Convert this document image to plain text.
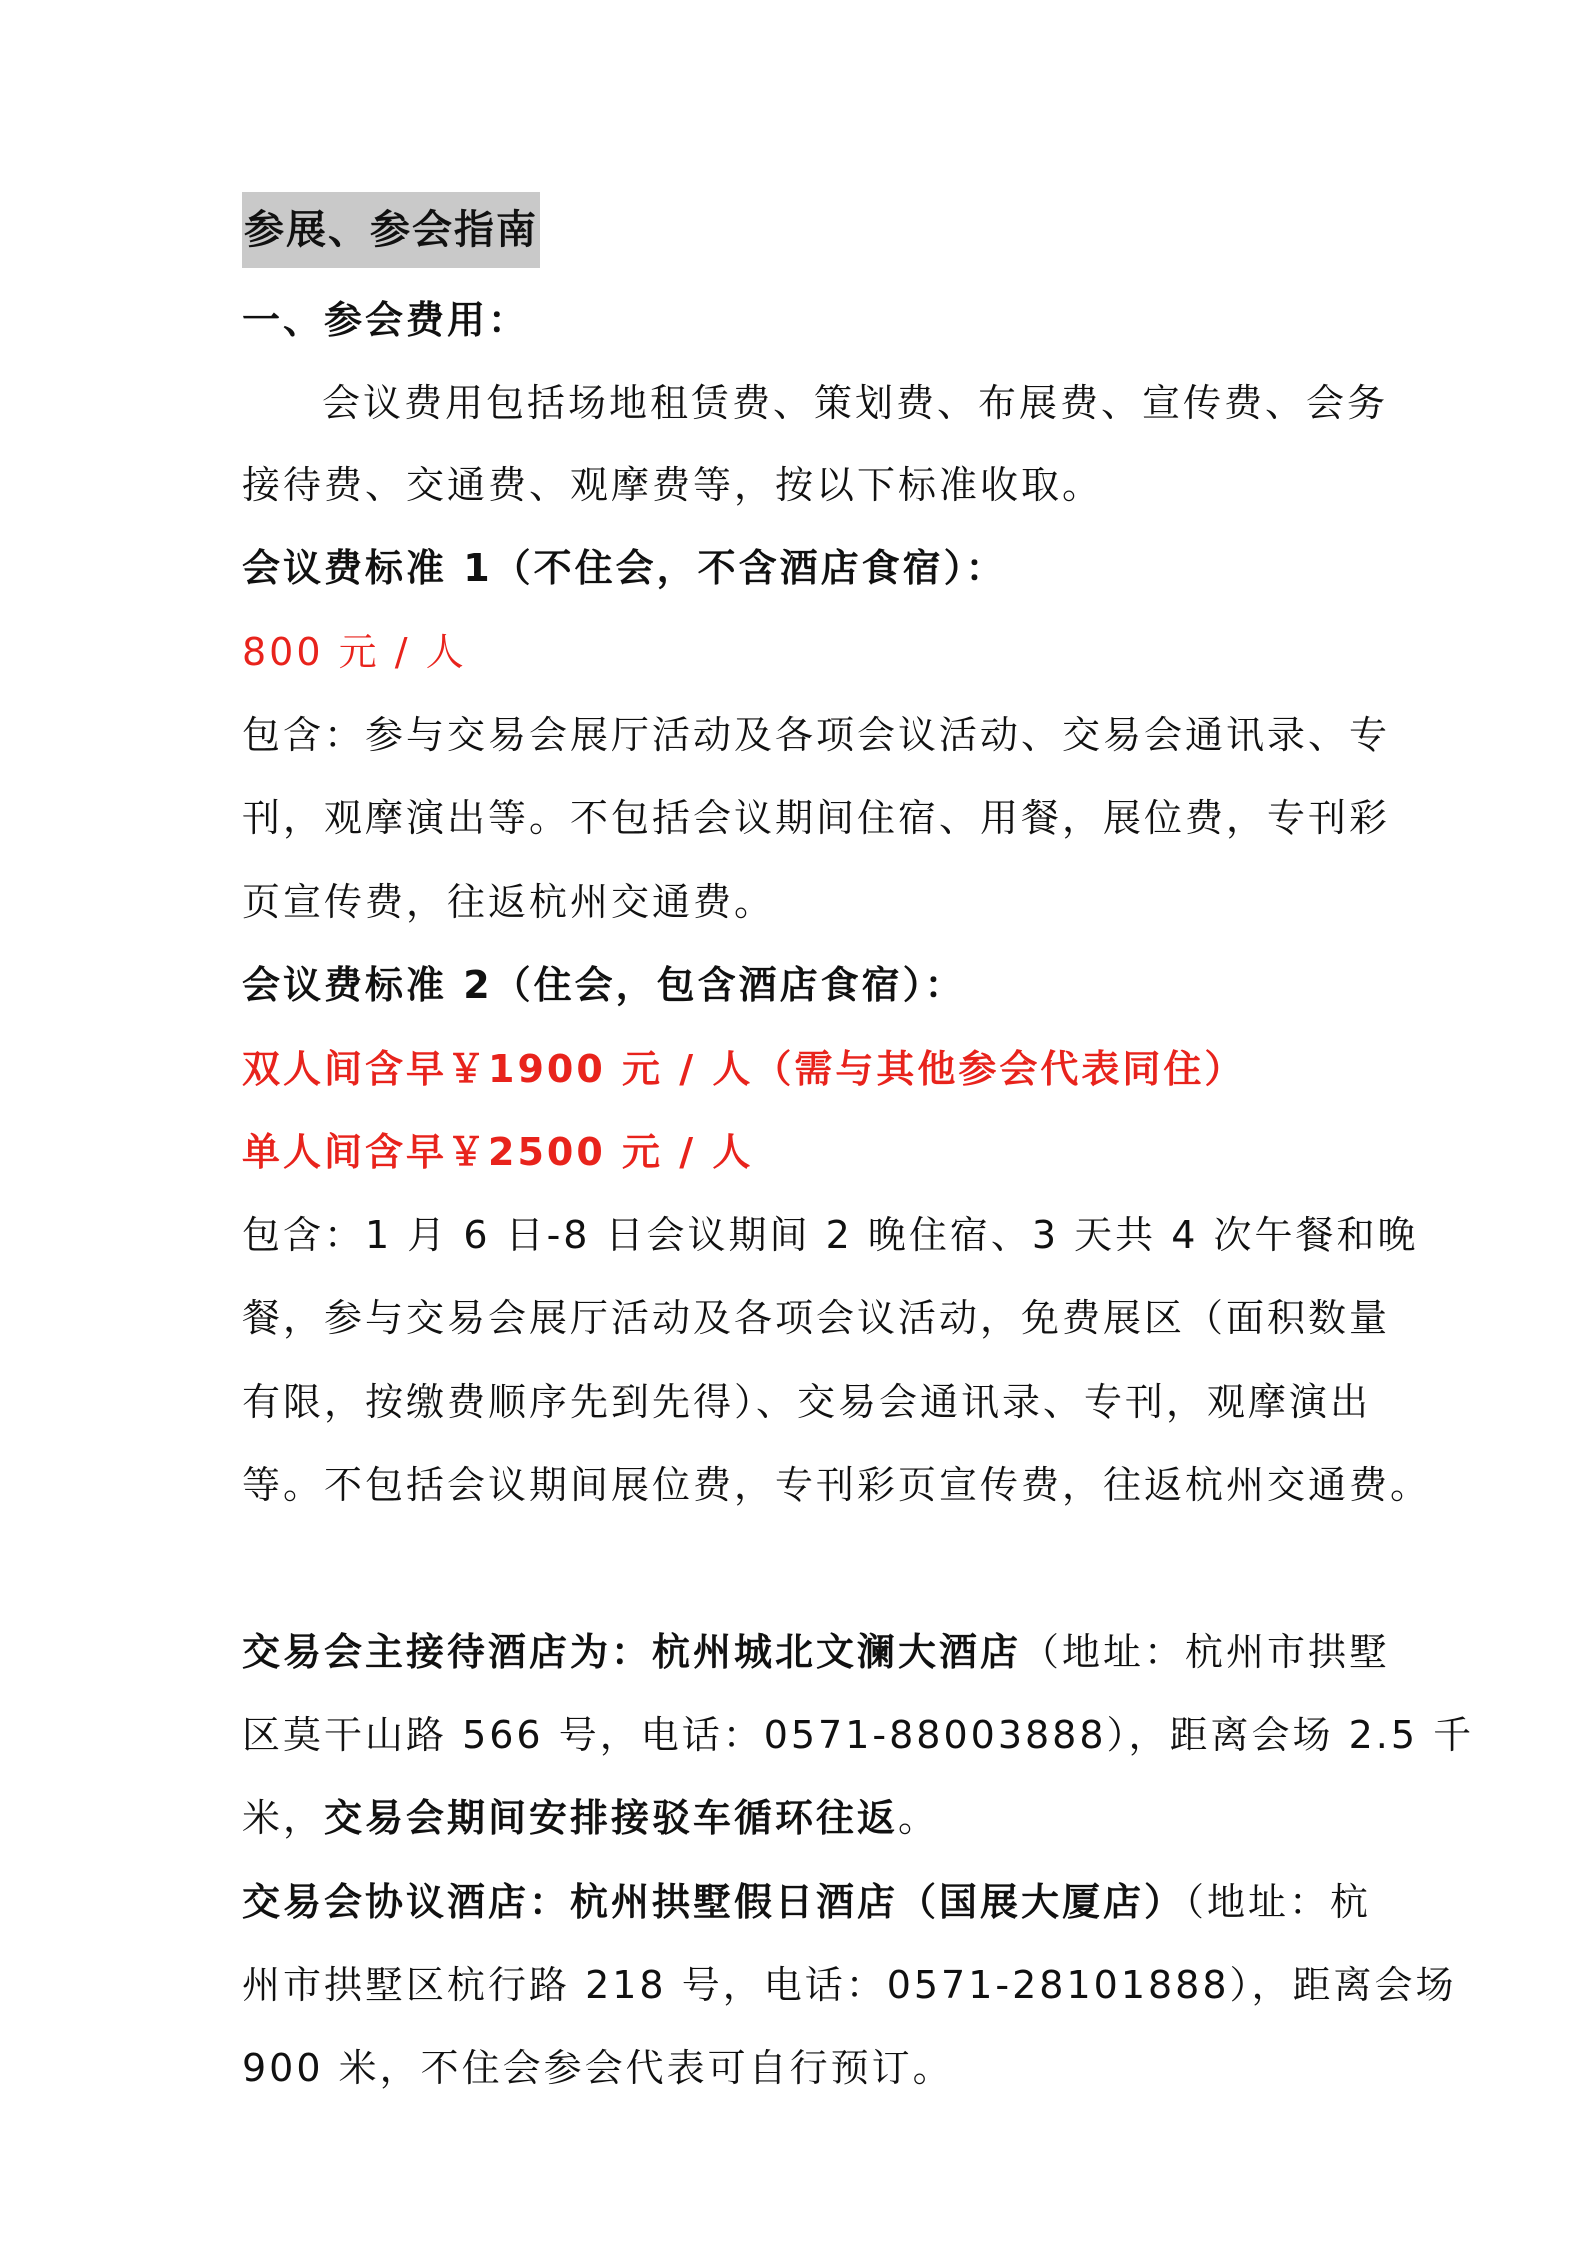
参展、参会指南
一、参会费用：
会议费用包括场地租赁费、策划费、布展费、宣传费、会务
接待费、交通费、观摩费等，按以下标准收取。
会议费标准 1（不住会，不含酒店食宿）：
800 元 / 人
包含：参与交易会展厅活动及各项会议活动、交易会通讯录、专
刊，观摩演出等。不包括会议期间住宿、用餐，展位费，专刊彩
页宣传费，往返杭州交通费。
会议费标准 2（住会，包含酒店食宿）：
双人间含早￥1900 元 / 人（需与其他参会代表同住）
单人间含早￥2500 元 / 人
包含：1 月 6 日-8 日会议期间 2 晚住宿、3 天共 4 次午餐和晚
餐，参与交易会展厅活动及各项会议活动，免费展区（面积数量
有限，按缴费顺序先到先得）、交易会通讯录、专刊，观摩演出
等。不包括会议期间展位费，专刊彩页宣传费，往返杭州交通费。
交易会主接待酒店为：杭州城北文澜大酒店（地址：杭州市拱墅
区莫干山路 566 号，电话：0571-88003888），距离会场 2.5 千
米，交易会期间安排接驳车循环往返。
交易会协议酒店：杭州拱墅假日酒店（国展大厦店）（地址：杭
州市拱墅区杭行路 218 号，电话：0571-28101888），距离会场
900 米，不住会参会代表可自行预订。
